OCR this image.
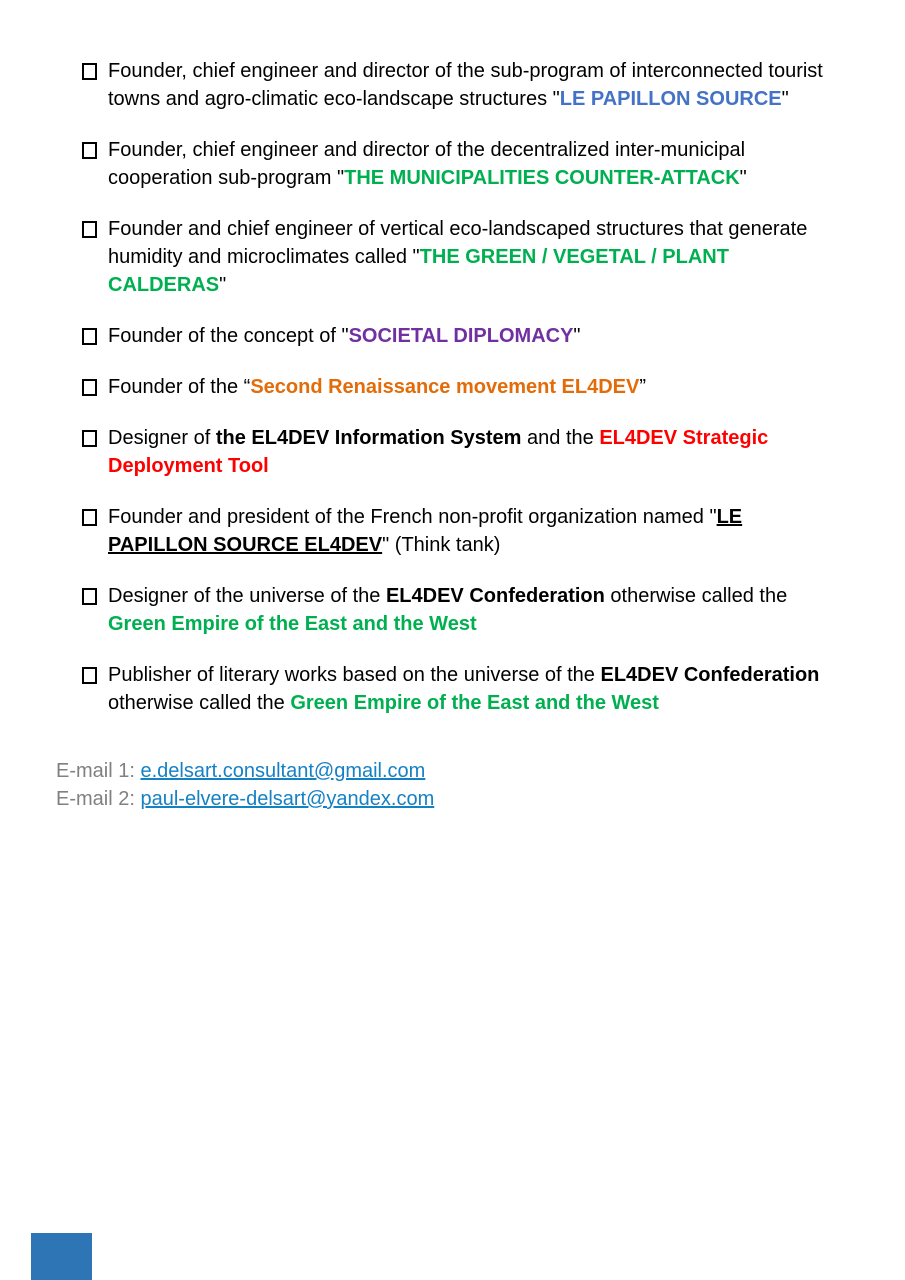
Founder, chief engineer and director of the sub-program of interconnected tourist towns and agro-climatic eco-landscape structures "LE PAPILLON SOURCE"
Founder, chief engineer and director of the decentralized inter-municipal cooperation sub-program "THE MUNICIPALITIES COUNTER-ATTACK"
Founder and chief engineer of vertical eco-landscaped structures that generate humidity and microclimates called "THE GREEN / VEGETAL / PLANT CALDERAS"
Founder of the concept of "SOCIETAL DIPLOMACY"
Founder of the “Second Renaissance movement EL4DEV”
Designer of the EL4DEV Information System and the EL4DEV Strategic Deployment Tool
Founder and president of the French non-profit organization named "LE PAPILLON SOURCE EL4DEV" (Think tank)
Designer of the universe of the EL4DEV Confederation otherwise called the Green Empire of the East and the West
Publisher of literary works based on the universe of the EL4DEV Confederation otherwise called the Green Empire of the East and the West
E-mail 1: e.delsart.consultant@gmail.com
E-mail 2: paul-elvere-delsart@yandex.com
